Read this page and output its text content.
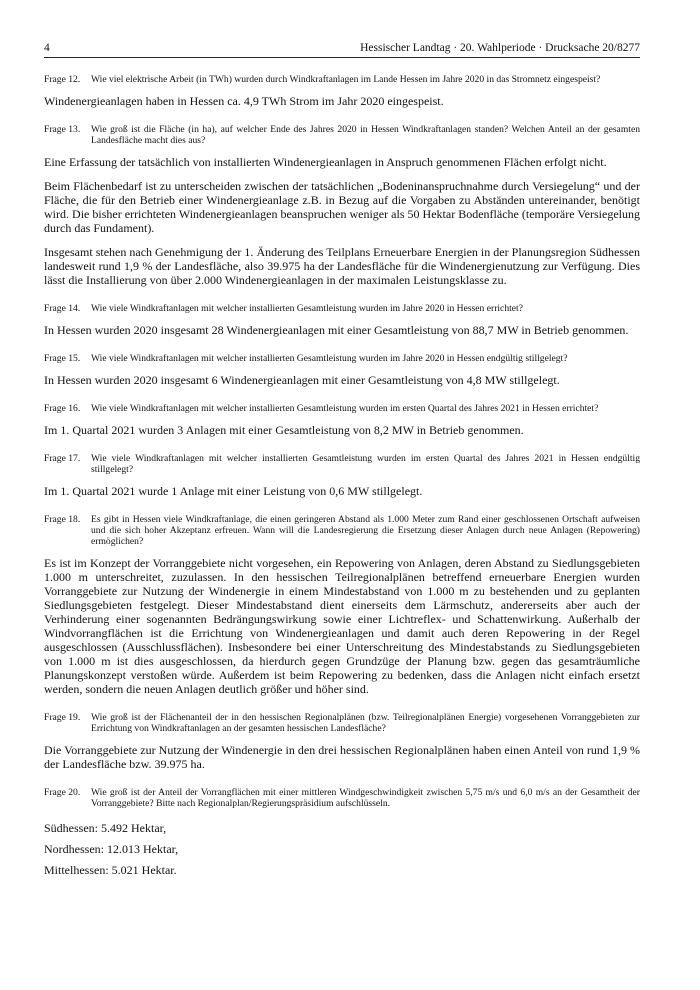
4	Hessischer Landtag · 20. Wahlperiode · Drucksache 20/8277
Frage 12.	Wie viel elektrische Arbeit (in TWh) wurden durch Windkraftanlagen im Lande Hessen im Jahre 2020 in das Stromnetz eingespeist?

Windenergieanlagen haben in Hessen ca. 4,9 TWh Strom im Jahr 2020 eingespeist.

Frage 13.	Wie groß ist die Fläche (in ha), auf welcher Ende des Jahres 2020 in Hessen Windkraftanlagen standen? Welchen Anteil an der gesamten Landesfläche macht dies aus?

Eine Erfassung der tatsächlich von installierten Windenergieanlagen in Anspruch genommenen Flächen erfolgt nicht.

Beim Flächenbedarf ist zu unterscheiden zwischen der tatsächlichen „Bodeninanspruchnahme durch Versiegelung“ und der Fläche, die für den Betrieb einer Windenergieanlage z.B. in Bezug auf die Vorgaben zu Abständen untereinander, benötigt wird. Die bisher errichteten Windenergieanlagen beanspruchen weniger als 50 Hektar Bodenfläche (temporäre Versiegelung durch das Fundament).

Insgesamt stehen nach Genehmigung der 1. Änderung des Teilplans Erneuerbare Energien in der Planungsregion Südhessen landesweit rund 1,9 % der Landesfläche, also 39.975 ha der Landesfläche für die Windenergienutzung zur Verfügung. Dies lässt die Installierung von über 2.000 Windenergieanlagen in der maximalen Leistungsklasse zu.

Frage 14.	Wie viele Windkraftanlagen mit welcher installierten Gesamtleistung wurden im Jahre 2020 in Hessen errichtet?

In Hessen wurden 2020 insgesamt 28 Windenergieanlagen mit einer Gesamtleistung von 88,7 MW in Betrieb genommen.

Frage 15.	Wie viele Windkraftanlagen mit welcher installierten Gesamtleistung wurden im Jahre 2020 in Hessen endgültig stillgelegt?

In Hessen wurden 2020 insgesamt 6 Windenergieanlagen mit einer Gesamtleistung von 4,8 MW stillgelegt.

Frage 16.	Wie viele Windkraftanlagen mit welcher installierten Gesamtleistung wurden im ersten Quartal des Jahres 2021 in Hessen errichtet?

Im 1. Quartal 2021 wurden 3 Anlagen mit einer Gesamtleistung von 8,2 MW in Betrieb genommen.

Frage 17.	Wie viele Windkraftanlagen mit welcher installierten Gesamtleistung wurden im ersten Quartal des Jahres 2021 in Hessen endgültig stillgelegt?

Im 1. Quartal 2021 wurde 1 Anlage mit einer Leistung von 0,6 MW stillgelegt.

Frage 18.	Es gibt in Hessen viele Windkraftanlage, die einen geringeren Abstand als 1.000 Meter zum Rand einer geschlossenen Ortschaft aufweisen und die sich hoher Akzeptanz erfreuen. Wann will die Landesregierung die Ersetzung dieser Anlagen durch neue Anlagen (Repowering) ermöglichen?

Es ist im Konzept der Vorranggebiete nicht vorgesehen, ein Repowering von Anlagen, deren Abstand zu Siedlungsgebieten 1.000 m unterschreitet, zuzulassen. In den hessischen Teilregionalplänen betreffend erneuerbare Energien wurden Vorranggebiete zur Nutzung der Windenergie in einem Mindestabstand von 1.000 m zu bestehenden und zu geplanten Siedlungsgebieten festgelegt. Dieser Mindestabstand dient einerseits dem Lärmschutz, andererseits aber auch der Verhinderung einer sogenannten Bedrängungswirkung sowie einer Lichtreflex- und Schattenwirkung. Außerhalb der Windvorrangflächen ist die Errichtung von Windenergieanlagen und damit auch deren Repowering in der Regel ausgeschlossen (Ausschlussflächen). Insbesondere bei einer Unterschreitung des Mindestabstands zu Siedlungsgebieten von 1.000 m ist dies ausgeschlossen, da hierdurch gegen Grundzüge der Planung bzw. gegen das gesamträumliche Planungskonzept verstoßen würde. Außerdem ist beim Repowering zu bedenken, dass die Anlagen nicht einfach ersetzt werden, sondern die neuen Anlagen deutlich größer und höher sind.

Frage 19.	Wie groß ist der Flächenanteil der in den hessischen Regionalplänen (bzw. Teilregionalplänen Energie) vorgesehenen Vorranggebieten zur Errichtung von Windkraftanlagen an der gesamten hessischen Landesfläche?

Die Vorranggebiete zur Nutzung der Windenergie in den drei hessischen Regionalplänen haben einen Anteil von rund 1,9 % der Landesfläche bzw. 39.975 ha.

Frage 20.	Wie groß ist der Anteil der Vorrangflächen mit einer mittleren Windgeschwindigkeit zwischen 5,75 m/s und 6,0 m/s an der Gesamtheit der Vorranggebiete? Bitte nach Regionalplan/Regierungspräsidium aufschlüsseln.
Südhessen: 5.492 Hektar,
Nordhessen: 12.013 Hektar,
Mittelhessen: 5.021 Hektar.
